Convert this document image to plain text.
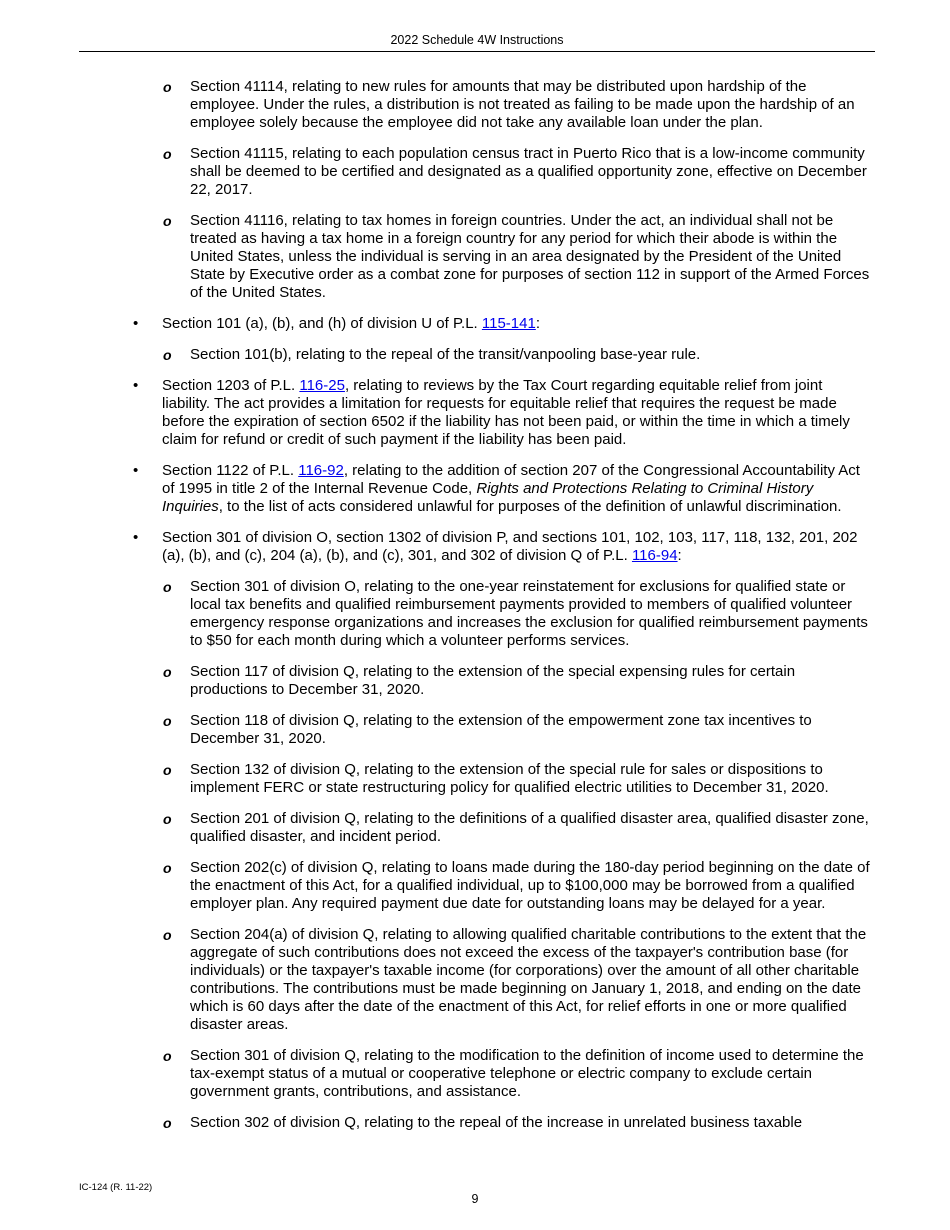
2022 Schedule 4W Instructions

o Section 41114, relating to new rules for amounts that may be distributed upon hardship of the employee. Under the rules, a distribution is not treated as failing to be made upon the hardship of an employee solely because the employee did not take any available loan under the plan.

o Section 41115, relating to each population census tract in Puerto Rico that is a low-income community shall be deemed to be certified and designated as a qualified opportunity zone, effective on December 22, 2017.

o Section 41116, relating to tax homes in foreign countries. Under the act, an individual shall not be treated as having a tax home in a foreign country for any period for which their abode is within the United States, unless the individual is serving in an area designated by the President of the United State by Executive order as a combat zone for purposes of section 112 in support of the Armed Forces of the United States.

• Section 101 (a), (b), and (h) of division U of P.L. 115-141:

o Section 101(b), relating to the repeal of the transit/vanpooling base-year rule.

• Section 1203 of P.L. 116-25, relating to reviews by the Tax Court regarding equitable relief from joint liability. The act provides a limitation for requests for equitable relief that requires the request be made before the expiration of section 6502 if the liability has not been paid, or within the time in which a timely claim for refund or credit of such payment if the liability has been paid.

• Section 1122 of P.L. 116-92, relating to the addition of section 207 of the Congressional Accountability Act of 1995 in title 2 of the Internal Revenue Code, Rights and Protections Relating to Criminal History Inquiries, to the list of acts considered unlawful for purposes of the definition of unlawful discrimination.

• Section 301 of division O, section 1302 of division P, and sections 101, 102, 103, 117, 118, 132, 201, 202 (a), (b), and (c), 204 (a), (b), and (c), 301, and 302 of division Q of P.L. 116-94:

o Section 301 of division O, relating to the one-year reinstatement for exclusions for qualified state or local tax benefits and qualified reimbursement payments provided to members of qualified volunteer emergency response organizations and increases the exclusion for qualified reimbursement payments to $50 for each month during which a volunteer performs services.

o Section 117 of division Q, relating to the extension of the special expensing rules for certain productions to December 31, 2020.

o Section 118 of division Q, relating to the extension of the empowerment zone tax incentives to December 31, 2020.

o Section 132 of division Q, relating to the extension of the special rule for sales or dispositions to implement FERC or state restructuring policy for qualified electric utilities to December 31, 2020.

o Section 201 of division Q, relating to the definitions of a qualified disaster area, qualified disaster zone, qualified disaster, and incident period.

o Section 202(c) of division Q, relating to loans made during the 180-day period beginning on the date of the enactment of this Act, for a qualified individual, up to $100,000 may be borrowed from a qualified employer plan. Any required payment due date for outstanding loans may be delayed for a year.

o Section 204(a) of division Q, relating to allowing qualified charitable contributions to the extent that the aggregate of such contributions does not exceed the excess of the taxpayer's contribution base (for individuals) or the taxpayer's taxable income (for corporations) over the amount of all other charitable contributions. The contributions must be made beginning on January 1, 2018, and ending on the date which is 60 days after the date of the enactment of this Act, for relief efforts in one or more qualified disaster areas.

o Section 301 of division Q, relating to the modification to the definition of income used to determine the tax-exempt status of a mutual or cooperative telephone or electric company to exclude certain government grants, contributions, and assistance.

o Section 302 of division Q, relating to the repeal of the increase in unrelated business taxable

IC-124 (R. 11-22)
9
